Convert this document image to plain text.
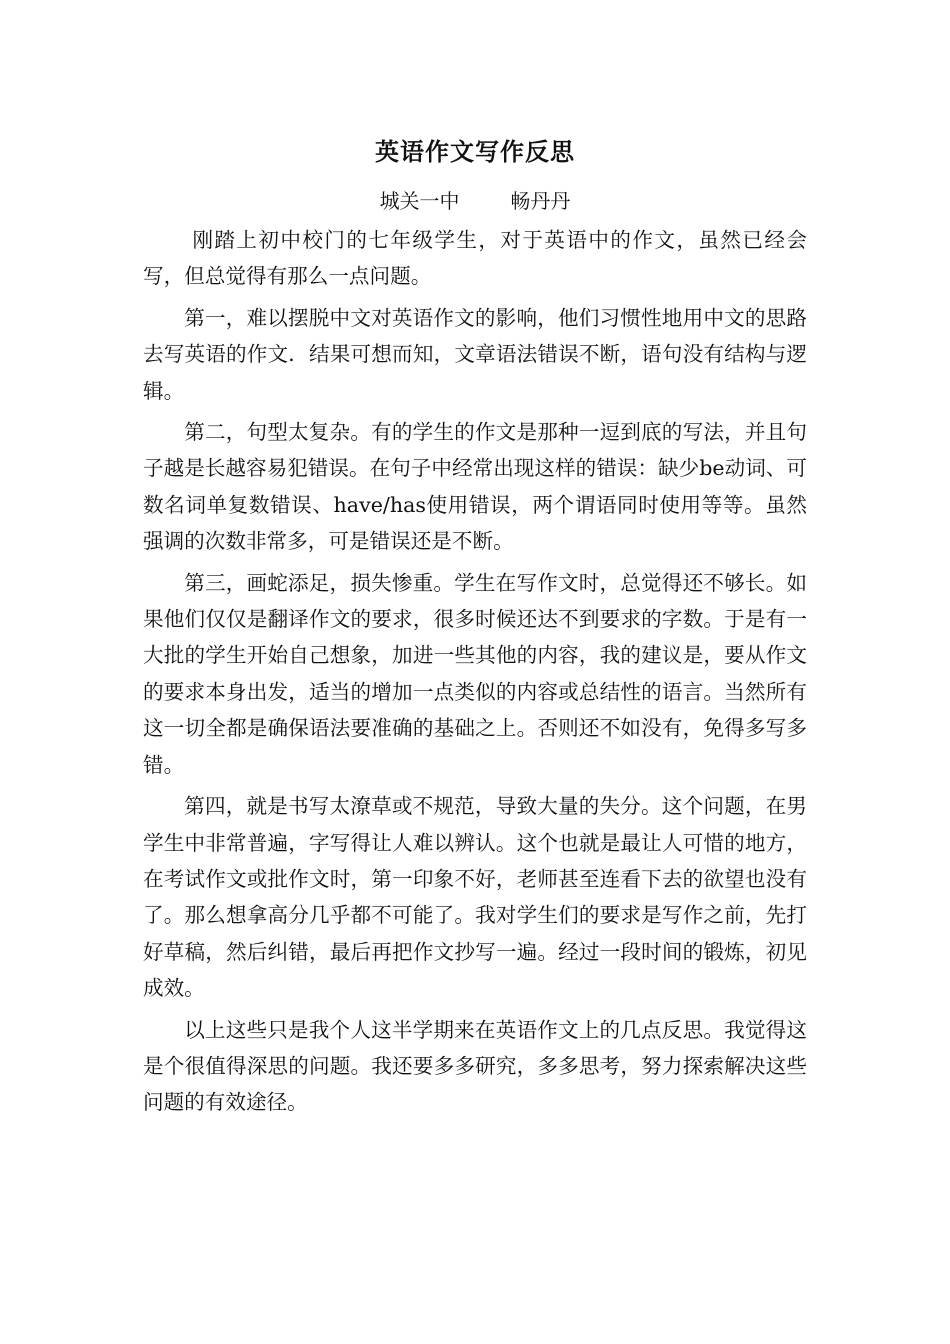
英语作文写作反思

城关一中        畅丹丹

刚踏上初中校门的七年级学生，对于英语中的作文，虽然已经会写，但总觉得有那么一点问题。

第一，难以摆脱中文对英语作文的影响，他们习惯性地用中文的思路去写英语的作文．结果可想而知，文章语法错误不断，语句没有结构与逻辑。

第二，句型太复杂。有的学生的作文是那种一逗到底的写法，并且句子越是长越容易犯错误。在句子中经常出现这样的错误：缺少be动词、可数名词单复数错误、have/has使用错误，两个谓语同时使用等等。虽然强调的次数非常多，可是错误还是不断。

第三，画蛇添足，损失惨重。学生在写作文时，总觉得还不够长。如果他们仅仅是翻译作文的要求，很多时候还达不到要求的字数。于是有一大批的学生开始自己想象，加进一些其他的内容，我的建议是，要从作文的要求本身出发，适当的增加一点类似的内容或总结性的语言。当然所有这一切全都是确保语法要准确的基础之上。否则还不如没有，免得多写多错。

第四，就是书写太潦草或不规范，导致大量的失分。这个问题，在男学生中非常普遍，字写得让人难以辨认。这个也就是最让人可惜的地方，在考试作文或批作文时，第一印象不好，老师甚至连看下去的欲望也没有了。那么想拿高分几乎都不可能了。我对学生们的要求是写作之前，先打好草稿，然后纠错，最后再把作文抄写一遍。经过一段时间的锻炼，初见成效。

以上这些只是我个人这半学期来在英语作文上的几点反思。我觉得这是个很值得深思的问题。我还要多多研究，多多思考，努力探索解决这些问题的有效途径。
